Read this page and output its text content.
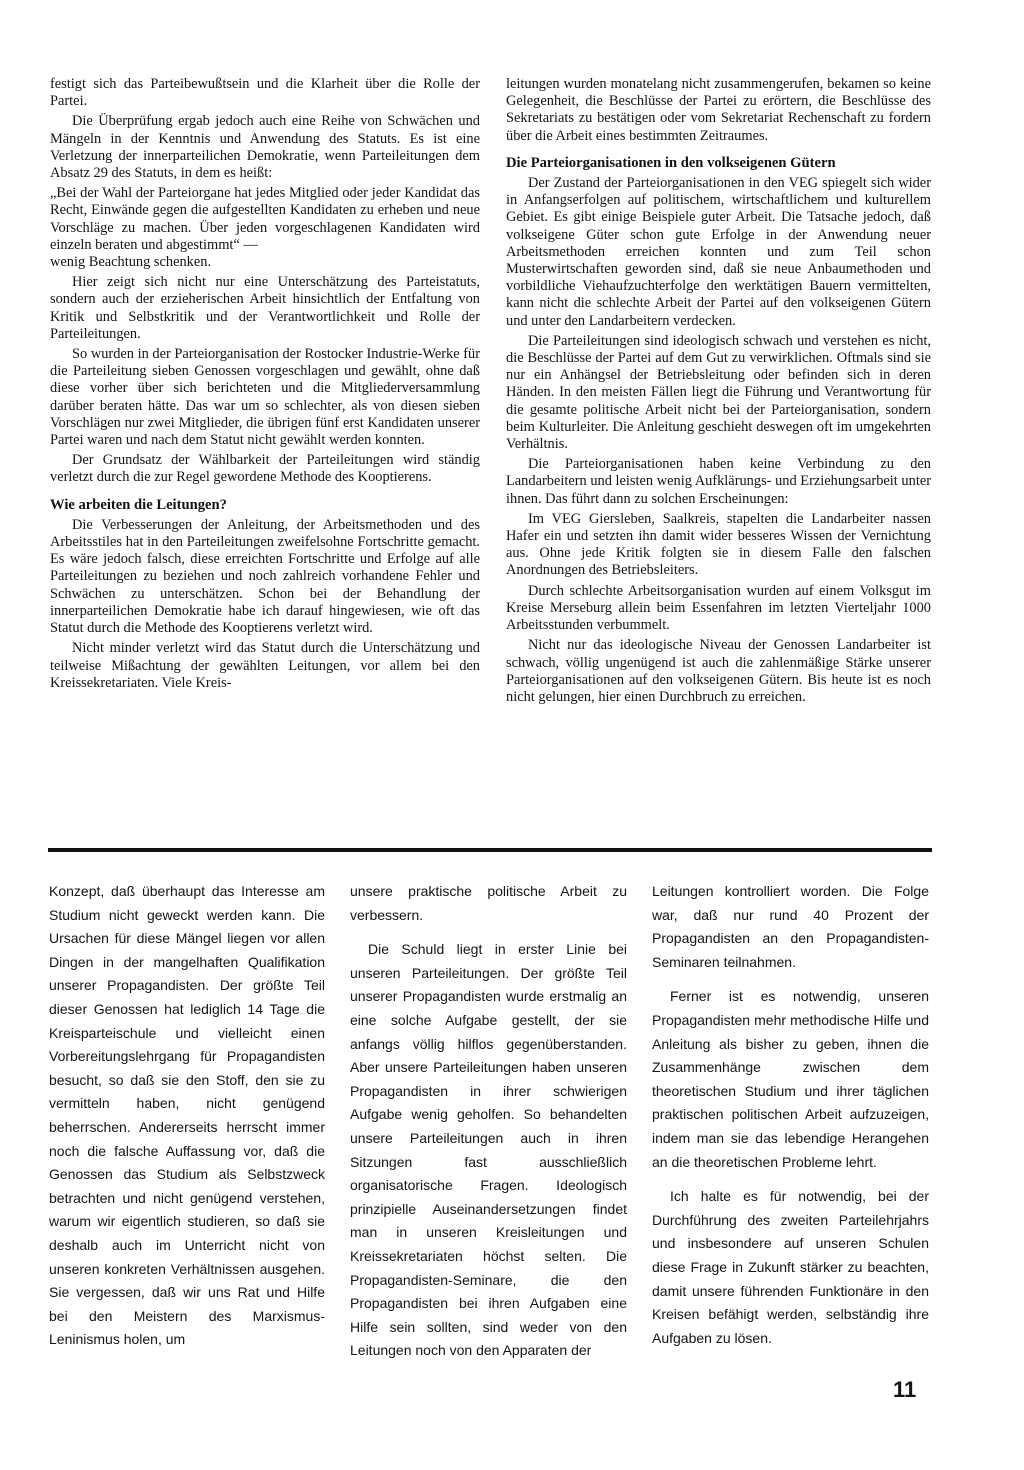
festigt sich das Parteibewußtsein und die Klarheit über die Rolle der Partei.

Die Überprüfung ergab jedoch auch eine Reihe von Schwächen und Mängeln in der Kenntnis und Anwendung des Statuts. Es ist eine Verletzung der innerparteilichen Demokratie, wenn Parteileitungen dem Absatz 29 des Statuts, in dem es heißt:

„Bei der Wahl der Parteiorgane hat jedes Mitglied oder jeder Kandidat das Recht, Einwände gegen die aufgestellten Kandidaten zu erheben und neue Vorschläge zu machen. Über jeden vorgeschlagenen Kandidaten wird einzeln beraten und abgestimmt“ —

wenig Beachtung schenken.

Hier zeigt sich nicht nur eine Unterschätzung des Parteistatuts, sondern auch der erzieherischen Arbeit hinsichtlich der Entfaltung von Kritik und Selbstkritik und der Verantwortlichkeit und Rolle der Parteileitungen.

So wurden in der Parteiorganisation der Rostocker Industrie-Werke für die Parteileitung sieben Genossen vorgeschlagen und gewählt, ohne daß diese vorher über sich berichteten und die Mitgliederversammlung darüber beraten hätte. Das war um so schlechter, als von diesen sieben Vorschlägen nur zwei Mitglieder, die übrigen fünf erst Kandidaten unserer Partei waren und nach dem Statut nicht gewählt werden konnten.

Der Grundsatz der Wählbarkeit der Parteileitungen wird ständig verletzt durch die zur Regel gewordene Methode des Kooptierens.

Wie arbeiten die Leitungen?

Die Verbesserungen der Anleitung, der Arbeitsmethoden und des Arbeitsstiles hat in den Parteileitungen zweifelsohne Fortschritte gemacht. Es wäre jedoch falsch, diese erreichten Fortschritte und Erfolge auf alle Parteileitungen zu beziehen und noch zahlreich vorhandene Fehler und Schwächen zu unterschätzen. Schon bei der Behandlung der innerparteilichen Demokratie habe ich darauf hingewiesen, wie oft das Statut durch die Methode des Kooptierens verletzt wird.

Nicht minder verletzt wird das Statut durch die Unterschätzung und teilweise Mißachtung der gewählten Leitungen, vor allem bei den Kreissekretariaten. Viele Kreis-

leitungen wurden monatelang nicht zusammengerufen, bekamen so keine Gelegenheit, die Beschlüsse der Partei zu erörtern, die Beschlüsse des Sekretariats zu bestätigen oder vom Sekretariat Rechenschaft zu fordern über die Arbeit eines bestimmten Zeitraumes.

Die Parteiorganisationen in den volkseigenen Gütern

Der Zustand der Parteiorganisationen in den VEG spiegelt sich wider in Anfangserfolgen auf politischem, wirtschaftlichem und kulturellem Gebiet. Es gibt einige Beispiele guter Arbeit. Die Tatsache jedoch, daß volkseigene Güter schon gute Erfolge in der Anwendung neuer Arbeitsmethoden erreichen konnten und zum Teil schon Musterwirtschaften geworden sind, daß sie neue Anbaumethoden und vorbildliche Viehaufzuchterfolge den werktätigen Bauern vermittelten, kann nicht die schlechte Arbeit der Partei auf den volkseigenen Gütern und unter den Landarbeitern verdecken.

Die Parteileitungen sind ideologisch schwach und verstehen es nicht, die Beschlüsse der Partei auf dem Gut zu verwirklichen. Oftmals sind sie nur ein Anhängsel der Betriebsleitung oder befinden sich in deren Händen. In den meisten Fällen liegt die Führung und Verantwortung für die gesamte politische Arbeit nicht bei der Parteiorganisation, sondern beim Kulturleiter. Die Anleitung geschieht deswegen oft im umgekehrten Verhältnis.

Die Parteiorganisationen haben keine Verbindung zu den Landarbeitern und leisten wenig Aufklärungs- und Erziehungsarbeit unter ihnen. Das führt dann zu solchen Erscheinungen:

Im VEG Giersleben, Saalkreis, stapelten die Landarbeiter nassen Hafer ein und setzten ihn damit wider besseres Wissen der Vernichtung aus. Ohne jede Kritik folgten sie in diesem Falle den falschen Anordnungen des Betriebsleiters.

Durch schlechte Arbeitsorganisation wurden auf einem Volksgut im Kreise Merseburg allein beim Essenfahren im letzten Vierteljahr 1000 Arbeitsstunden verbummelt.

Nicht nur das ideologische Niveau der Genossen Landarbeiter ist schwach, völlig ungenügend ist auch die zahlenmäßige Stärke unserer Parteiorganisationen auf den volkseigenen Gütern. Bis heute ist es noch nicht gelungen, hier einen Durchbruch zu erreichen.

Konzept, daß überhaupt das Interesse am Studium nicht geweckt werden kann. Die Ursachen für diese Mängel liegen vor allen Dingen in der mangelhaften Qualifikation unserer Propagandisten. Der größte Teil dieser Genossen hat lediglich 14 Tage die Kreisparteischule und vielleicht einen Vorbereitungslehrgang für Propagandisten besucht, so daß sie den Stoff, den sie zu vermitteln haben, nicht genügend beherrschen. Andererseits herrscht immer noch die falsche Auffassung vor, daß die Genossen das Studium als Selbstzweck betrachten und nicht genügend verstehen, warum wir eigentlich studieren, so daß sie deshalb auch im Unterricht nicht von unseren konkreten Verhältnissen ausgehen. Sie vergessen, daß wir uns Rat und Hilfe bei den Meistern des Marxismus-Leninismus holen, um

unsere praktische politische Arbeit zu verbessern.

Die Schuld liegt in erster Linie bei unseren Parteileitungen. Der größte Teil unserer Propagandisten wurde erstmalig an eine solche Aufgabe gestellt, der sie anfangs völlig hilflos gegenüberstanden. Aber unsere Parteileitungen haben unseren Propagandisten in ihrer schwierigen Aufgabe wenig geholfen. So behandelten unsere Parteileitungen auch in ihren Sitzungen fast ausschließlich organisatorische Fragen. Ideologisch prinzipielle Auseinandersetzungen findet man in unseren Kreisleitungen und Kreissekretariaten höchst selten. Die Propagandisten-Seminare, die den Propagandisten bei ihren Aufgaben eine Hilfe sein sollten, sind weder von den Leitungen noch von den Apparaten der

Leitungen kontrolliert worden. Die Folge war, daß nur rund 40 Prozent der Propagandisten an den Propagandisten-Seminaren teilnahmen.

Ferner ist es notwendig, unseren Propagandisten mehr methodische Hilfe und Anleitung als bisher zu geben, ihnen die Zusammenhänge zwischen dem theoretischen Studium und ihrer täglichen praktischen politischen Arbeit aufzuzeigen, indem man sie das lebendige Herangehen an die theoretischen Probleme lehrt.

Ich halte es für notwendig, bei der Durchführung des zweiten Parteilehrjahrs und insbesondere auf unseren Schulen diese Frage in Zukunft stärker zu beachten, damit unsere führenden Funktionäre in den Kreisen befähigt werden, selbständig ihre Aufgaben zu lösen.

11
